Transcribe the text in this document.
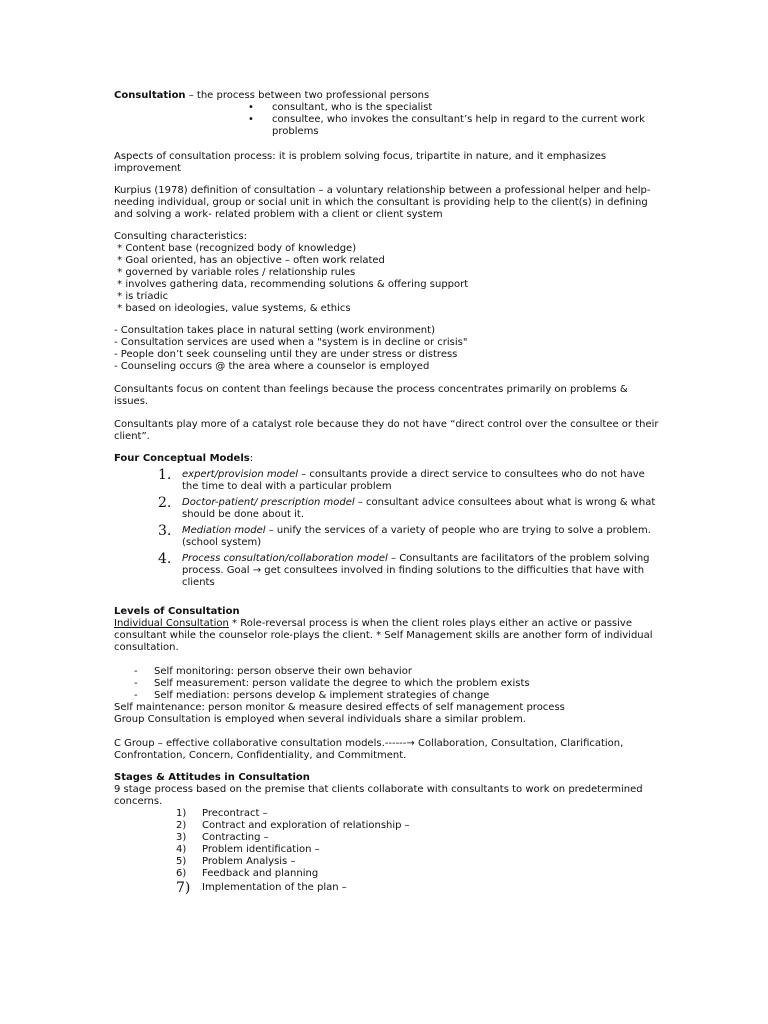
Consultation – the process between two professional persons

•	consultant, who is the specialist
•	consultee, who invokes the consultant’s help in regard to the current work problems

Aspects of consultation process: it is problem solving focus, tripartite in nature, and it emphasizes improvement

Kurpius (1978) definition of consultation – a voluntary relationship between a professional helper and help-needing individual, group or social unit in which the consultant is providing help to the client(s) in defining and solving a work- related problem with a client or client system

Consulting characteristics:

* Content base (recognized body of knowledge)

* Goal oriented, has an objective – often work related

* governed by variable roles / relationship rules

* involves gathering data, recommending solutions & offering support

* is triadic

* based on ideologies, value systems, & ethics

- Consultation takes place in natural setting (work environment)

- Consultation services are used when a "system is in decline or crisis"

- People don’t seek counseling until they are under stress or distress

- Counseling occurs @ the area where a counselor is employed

Consultants focus on content than feelings because the process concentrates primarily on problems & issues.

Consultants play more of a catalyst role because they do not have “direct control over the consultee or their client”.

Four Conceptual Models:

1.	expert/provision model – consultants provide a direct service to consultees who do not have the time to deal with a particular problem
2.	Doctor-patient/ prescription model – consultant advice consultees about what is wrong & what should be done about it.
3.	Mediation model – unify the services of a variety of people who are trying to solve a problem. (school system)
4.	Process consultation/collaboration model – Consultants are facilitators of the problem solving process. Goal → get consultees involved in finding solutions to the difficulties that have with clients

Levels of Consultation

Individual Consultation * Role-reversal process is when the client roles plays either an active or passive consultant while the counselor role-plays the client. * Self Management skills are another form of individual consultation.

-	Self monitoring: person observe their own behavior
-	Self measurement: person validate the degree to which the problem exists
-	Self mediation: persons develop & implement strategies of change

Self maintenance: person monitor & measure desired effects of self management process

Group Consultation is employed when several individuals share a similar problem.

C Group – effective collaborative consultation models.------→ Collaboration, Consultation, Clarification, Confrontation, Concern, Confidentiality, and Commitment.

Stages & Attitudes in Consultation

9 stage process based on the premise that clients collaborate with consultants to work on predetermined concerns.

1)	Precontract –
2)	Contract and exploration of relationship –
3)	Contracting –
4)	Problem identification –
5)	Problem Analysis –
6)	Feedback and planning
7)	Implementation of the plan –
